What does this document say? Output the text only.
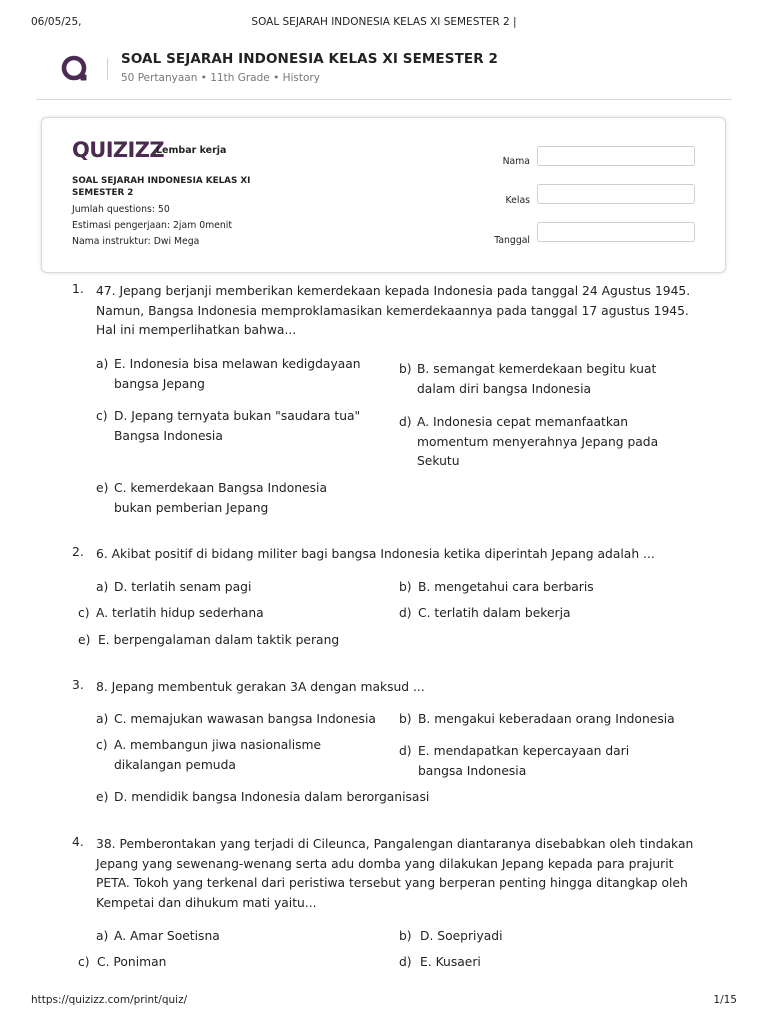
06/05/25,	SOAL SEJARAH INDONESIA KELAS XI SEMESTER 2 |
SOAL SEJARAH INDONESIA KELAS XI SEMESTER 2
50 Pertanyaan • 11th Grade • History
QUIZIZZ
Lembar kerja
SOAL SEJARAH INDONESIA KELAS XI SEMESTER 2
Jumlah questions: 50
Estimasi pengerjaan: 2jam 0menit
Nama instruktur: Dwi Mega
Nama
Kelas
Tanggal
1. 47. Jepang berjanji memberikan kemerdekaan kepada Indonesia pada tanggal 24 Agustus 1945. Namun, Bangsa Indonesia memproklamasikan kemerdekaannya pada tanggal 17 agustus 1945. Hal ini memperlihatkan bahwa...
a) E. Indonesia bisa melawan kedigdayaan bangsa Jepang
b) B. semangat kemerdekaan begitu kuat dalam diri bangsa Indonesia
c) D. Jepang ternyata bukan "saudara tua" Bangsa Indonesia
d) A. Indonesia cepat memanfaatkan momentum menyerahnya Jepang pada Sekutu
e) C. kemerdekaan Bangsa Indonesia bukan pemberian Jepang
2. 6. Akibat positif di bidang militer bagi bangsa Indonesia ketika diperintah Jepang adalah ...
a) D. terlatih senam pagi	b) B. mengetahui cara berbaris
c) A. terlatih hidup sederhana	d) C. terlatih dalam bekerja
e) E. berpengalaman dalam taktik perang
3. 8. Jepang membentuk gerakan 3A dengan maksud ...
a) C. memajukan wawasan bangsa Indonesia	b) B. mengakui keberadaan orang Indonesia
c) A. membangun jiwa nasionalisme dikalangan pemuda
d) E. mendapatkan kepercayaan dari bangsa Indonesia
e) D. mendidik bangsa Indonesia dalam berorganisasi
4. 38. Pemberontakan yang terjadi di Cileunca, Pangalengan diantaranya disebabkan oleh tindakan Jepang yang sewenang-wenang serta adu domba yang dilakukan Jepang kepada para prajurit PETA. Tokoh yang terkenal dari peristiwa tersebut yang berperan penting hingga ditangkap oleh Kempetai dan dihukum mati yaitu...
a) A. Amar Soetisna	b) D. Soepriyadi
c) C. Poniman	d) E. Kusaeri
https://quizizz.com/print/quiz/	1/15
